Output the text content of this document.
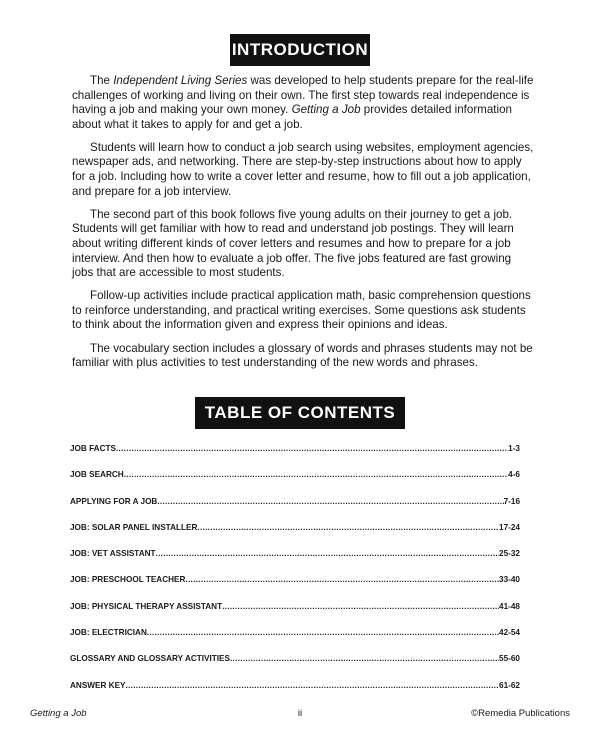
INTRODUCTION

The Independent Living Series was developed to help students prepare for the real-life challenges of working and living on their own. The first step towards real independence is having a job and making your own money. Getting a Job provides detailed information about what it takes to apply for and get a job.

Students will learn how to conduct a job search using websites, employment agencies, newspaper ads, and networking. There are step-by-step instructions about how to apply for a job. Including how to write a cover letter and resume, how to fill out a job application, and prepare for a job interview.

The second part of this book follows five young adults on their journey to get a job. Students will get familiar with how to read and understand job postings. They will learn about writing different kinds of cover letters and resumes and how to prepare for a job interview. And then how to evaluate a job offer. The five jobs featured are fast growing jobs that are accessible to most students.

Follow-up activities include practical application math, basic comprehension questions to reinforce understanding, and practical writing exercises. Some questions ask students to think about the information given and express their opinions and ideas.

The vocabulary section includes a glossary of words and phrases students may not be familiar with plus activities to test understanding of the new words and phrases.

TABLE OF CONTENTS
JOB FACTS .....	1-3
JOB SEARCH .....	4-6
APPLYING FOR A JOB .....	7-16
JOB: SOLAR PANEL INSTALLER .....	17-24
JOB: VET ASSISTANT .....	25-32
JOB: PRESCHOOL TEACHER .....	33-40
JOB: PHYSICAL THERAPY ASSISTANT .....	41-48
JOB: ELECTRICIAN .....	42-54
GLOSSARY AND GLOSSARY ACTIVITIES .....	55-60
ANSWER KEY .....	61-62
Getting a Job	ii	©Remedia Publications
